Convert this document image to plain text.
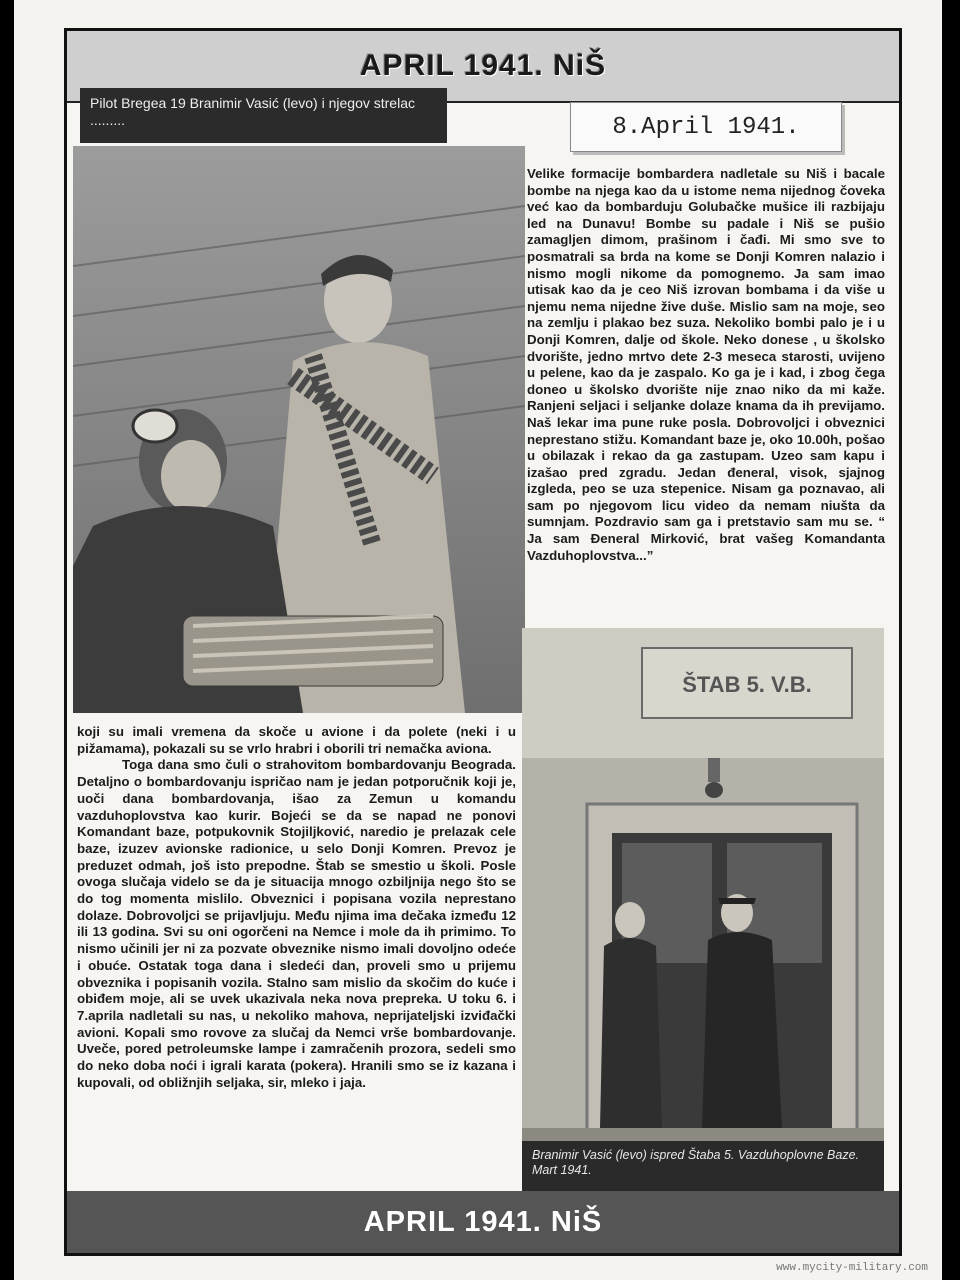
APRIL 1941. NiŠ
Pilot Bregea 19 Branimir Vasić (levo) i njegov strelac .........	8.April 1941.

Velike formacije bombardera nadletale su Niš i bacale bombe na njega kao da u istome nema nijednog čoveka već kao da bombarduju Golubačke mušice ili razbijaju led na Dunavu! Bombe su padale i Niš se pušio zamagljen dimom, prašinom i čađi. Mi smo sve to posmatrali sa brda na kome se Donji Komren nalazio i nismo mogli nikome da pomognemo. Ja sam imao utisak kao da je ceo Niš izrovan bombama i da više u njemu nema nijedne žive duše. Mislio sam na moje, seo na zemlju i plakao bez suza. Nekoliko bombi palo je i u Donji Komren, dalje od škole. Neko donese , u školsko dvorište, jedno mrtvo dete 2-3 meseca starosti, uvijeno u pelene, kao da je zaspalo. Ko ga je i kad, i zbog čega doneo u školsko dvorište nije znao niko da mi kaže. Ranjeni seljaci i seljanke dolaze knama da ih previjamo. Naš lekar ima pune ruke posla. Dobrovoljci i obveznici neprestano stižu. Komandant baze je, oko 10.00h, pošao u obilazak i rekao da ga zastupam. Uzeo sam kapu i izašao pred zgradu. Jedan đeneral, visok, sjajnog izgleda, peo se uza stepenice. Nisam ga poznavao, ali sam po njegovom licu video da nemam niušta da sumnjam. Pozdravio sam ga i pretstavio sam mu se. “ Ja sam Đeneral Mirković, brat vašeg Komandanta Vazduhoplovstva...”

ŠTAB 5. V.B.
Branimir Vasić (levo) ispred Štaba 5. Vazduhoplovne Baze. Mart 1941.

koji su imali vremena da skoče u avione i da polete (neki i u pižamama), pokazali su se vrlo hrabri i oborili tri nemačka aviona.

Toga dana smo čuli o strahovitom bombardovanju Beograda. Detaljno o bombardovanju ispričao nam je jedan potporučnik koji je, uoči dana bombardovanja, išao za Zemun u komandu vazduhoplovstva kao kurir. Bojeći se da se napad ne ponovi Komandant baze, potpukovnik Stojiljković, naredio je prelazak cele baze, izuzev avionske radionice, u selo Donji Komren. Prevoz je preduzet odmah, još isto prepodne. Štab se smestio u školi. Posle ovoga slučaja videlo se da je situacija mnogo ozbiljnija nego što se do tog momenta mislilo. Obveznici i popisana vozila neprestano dolaze. Dobrovoljci se prijavljuju. Među njima ima dečaka između 12 ili 13 godina. Svi su oni ogorčeni na Nemce i mole da ih primimo. To nismo učinili jer ni za pozvate obveznike nismo imali dovoljno odeće i obuće. Ostatak toga dana i sledeći dan, proveli smo u prijemu obveznika i popisanih vozila. Stalno sam mislio da skočim do kuće i obiđem moje, ali se uvek ukazivala neka nova prepreka. U toku 6. i 7.aprila nadletali su nas, u nekoliko mahova, neprijateljski izviđački avioni. Kopali smo rovove za slučaj da Nemci vrše bombardovanje. Uveče, pored petroleumske lampe i zamračenih prozora, sedeli smo do neko doba noći i igrali karata (pokera). Hranili smo se iz kazana i kupovali, od obližnjih seljaka, sir, mleko i jaja.

APRIL 1941. NiŠ
www.mycity-military.com
